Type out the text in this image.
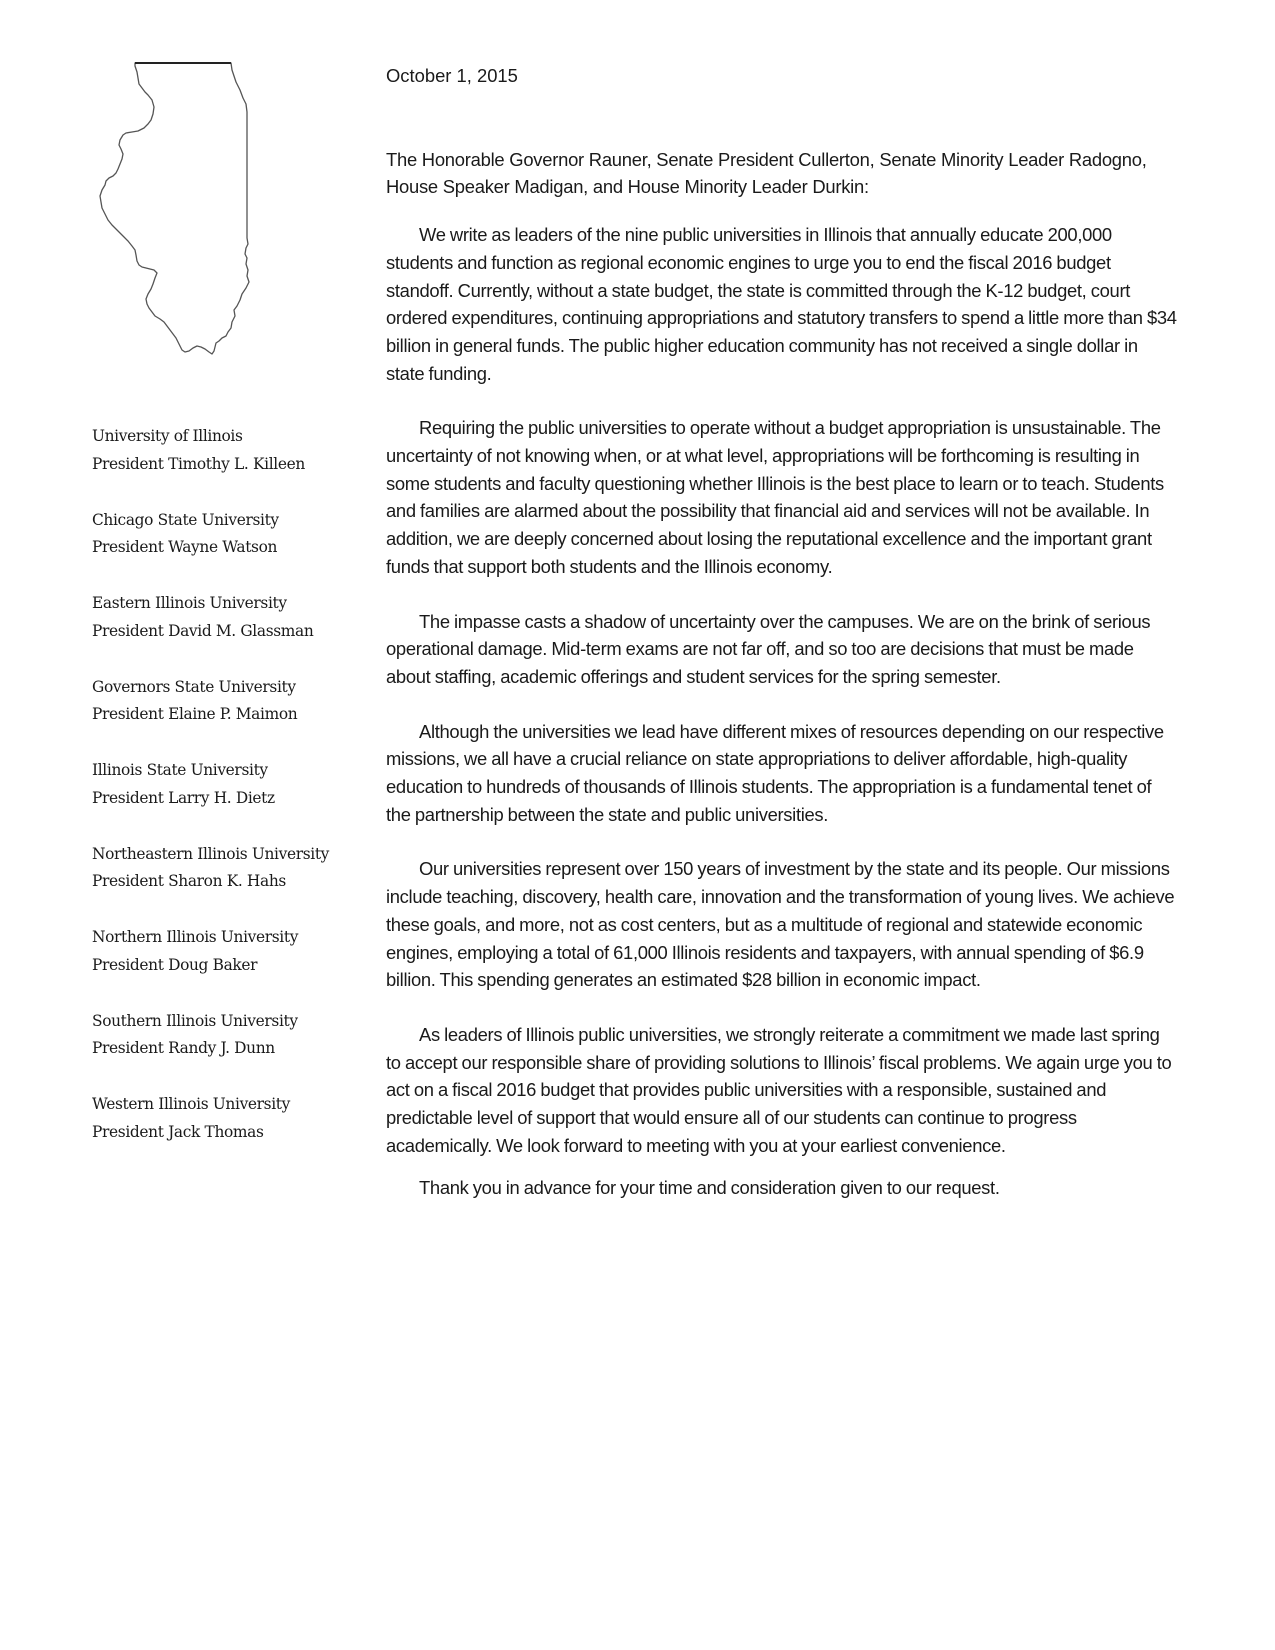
University of Illinois
President Timothy L. Killeen
Chicago State University
President Wayne Watson
Eastern Illinois University
President David M. Glassman
Governors State University
President Elaine P. Maimon
Illinois State University
President Larry H. Dietz
Northeastern Illinois University
President Sharon K. Hahs
Northern Illinois University
President Doug Baker
Southern Illinois University
President Randy J. Dunn
Western Illinois University
President Jack Thomas

October 1, 2015

The Honorable Governor Rauner, Senate President Cullerton, Senate Minority Leader Radogno, House Speaker Madigan, and House Minority Leader Durkin:

We write as leaders of the nine public universities in Illinois that annually educate 200,000 students and function as regional economic engines to urge you to end the fiscal 2016 budget standoff. Currently, without a state budget, the state is committed through the K-12 budget, court ordered expenditures, continuing appropriations and statutory transfers to spend a little more than $34 billion in general funds. The public higher education community has not received a single dollar in state funding.

Requiring the public universities to operate without a budget appropriation is unsustainable. The uncertainty of not knowing when, or at what level, appropriations will be forthcoming is resulting in some students and faculty questioning whether Illinois is the best place to learn or to teach. Students and families are alarmed about the possibility that financial aid and services will not be available. In addition, we are deeply concerned about losing the reputational excellence and the important grant funds that support both students and the Illinois economy.

The impasse casts a shadow of uncertainty over the campuses. We are on the brink of serious operational damage. Mid-term exams are not far off, and so too are decisions that must be made about staffing, academic offerings and student services for the spring semester.

Although the universities we lead have different mixes of resources depending on our respective missions, we all have a crucial reliance on state appropriations to deliver affordable, high-quality education to hundreds of thousands of Illinois students. The appropriation is a fundamental tenet of the partnership between the state and public universities.

Our universities represent over 150 years of investment by the state and its people. Our missions include teaching, discovery, health care, innovation and the transformation of young lives. We achieve these goals, and more, not as cost centers, but as a multitude of regional and statewide economic engines, employing a total of 61,000 Illinois residents and taxpayers, with annual spending of $6.9 billion. This spending generates an estimated $28 billion in economic impact.

As leaders of Illinois public universities, we strongly reiterate a commitment we made last spring to accept our responsible share of providing solutions to Illinois’ fiscal problems. We again urge you to act on a fiscal 2016 budget that provides public universities with a responsible, sustained and predictable level of support that would ensure all of our students can continue to progress academically. We look forward to meeting with you at your earliest convenience.

Thank you in advance for your time and consideration given to our request.
